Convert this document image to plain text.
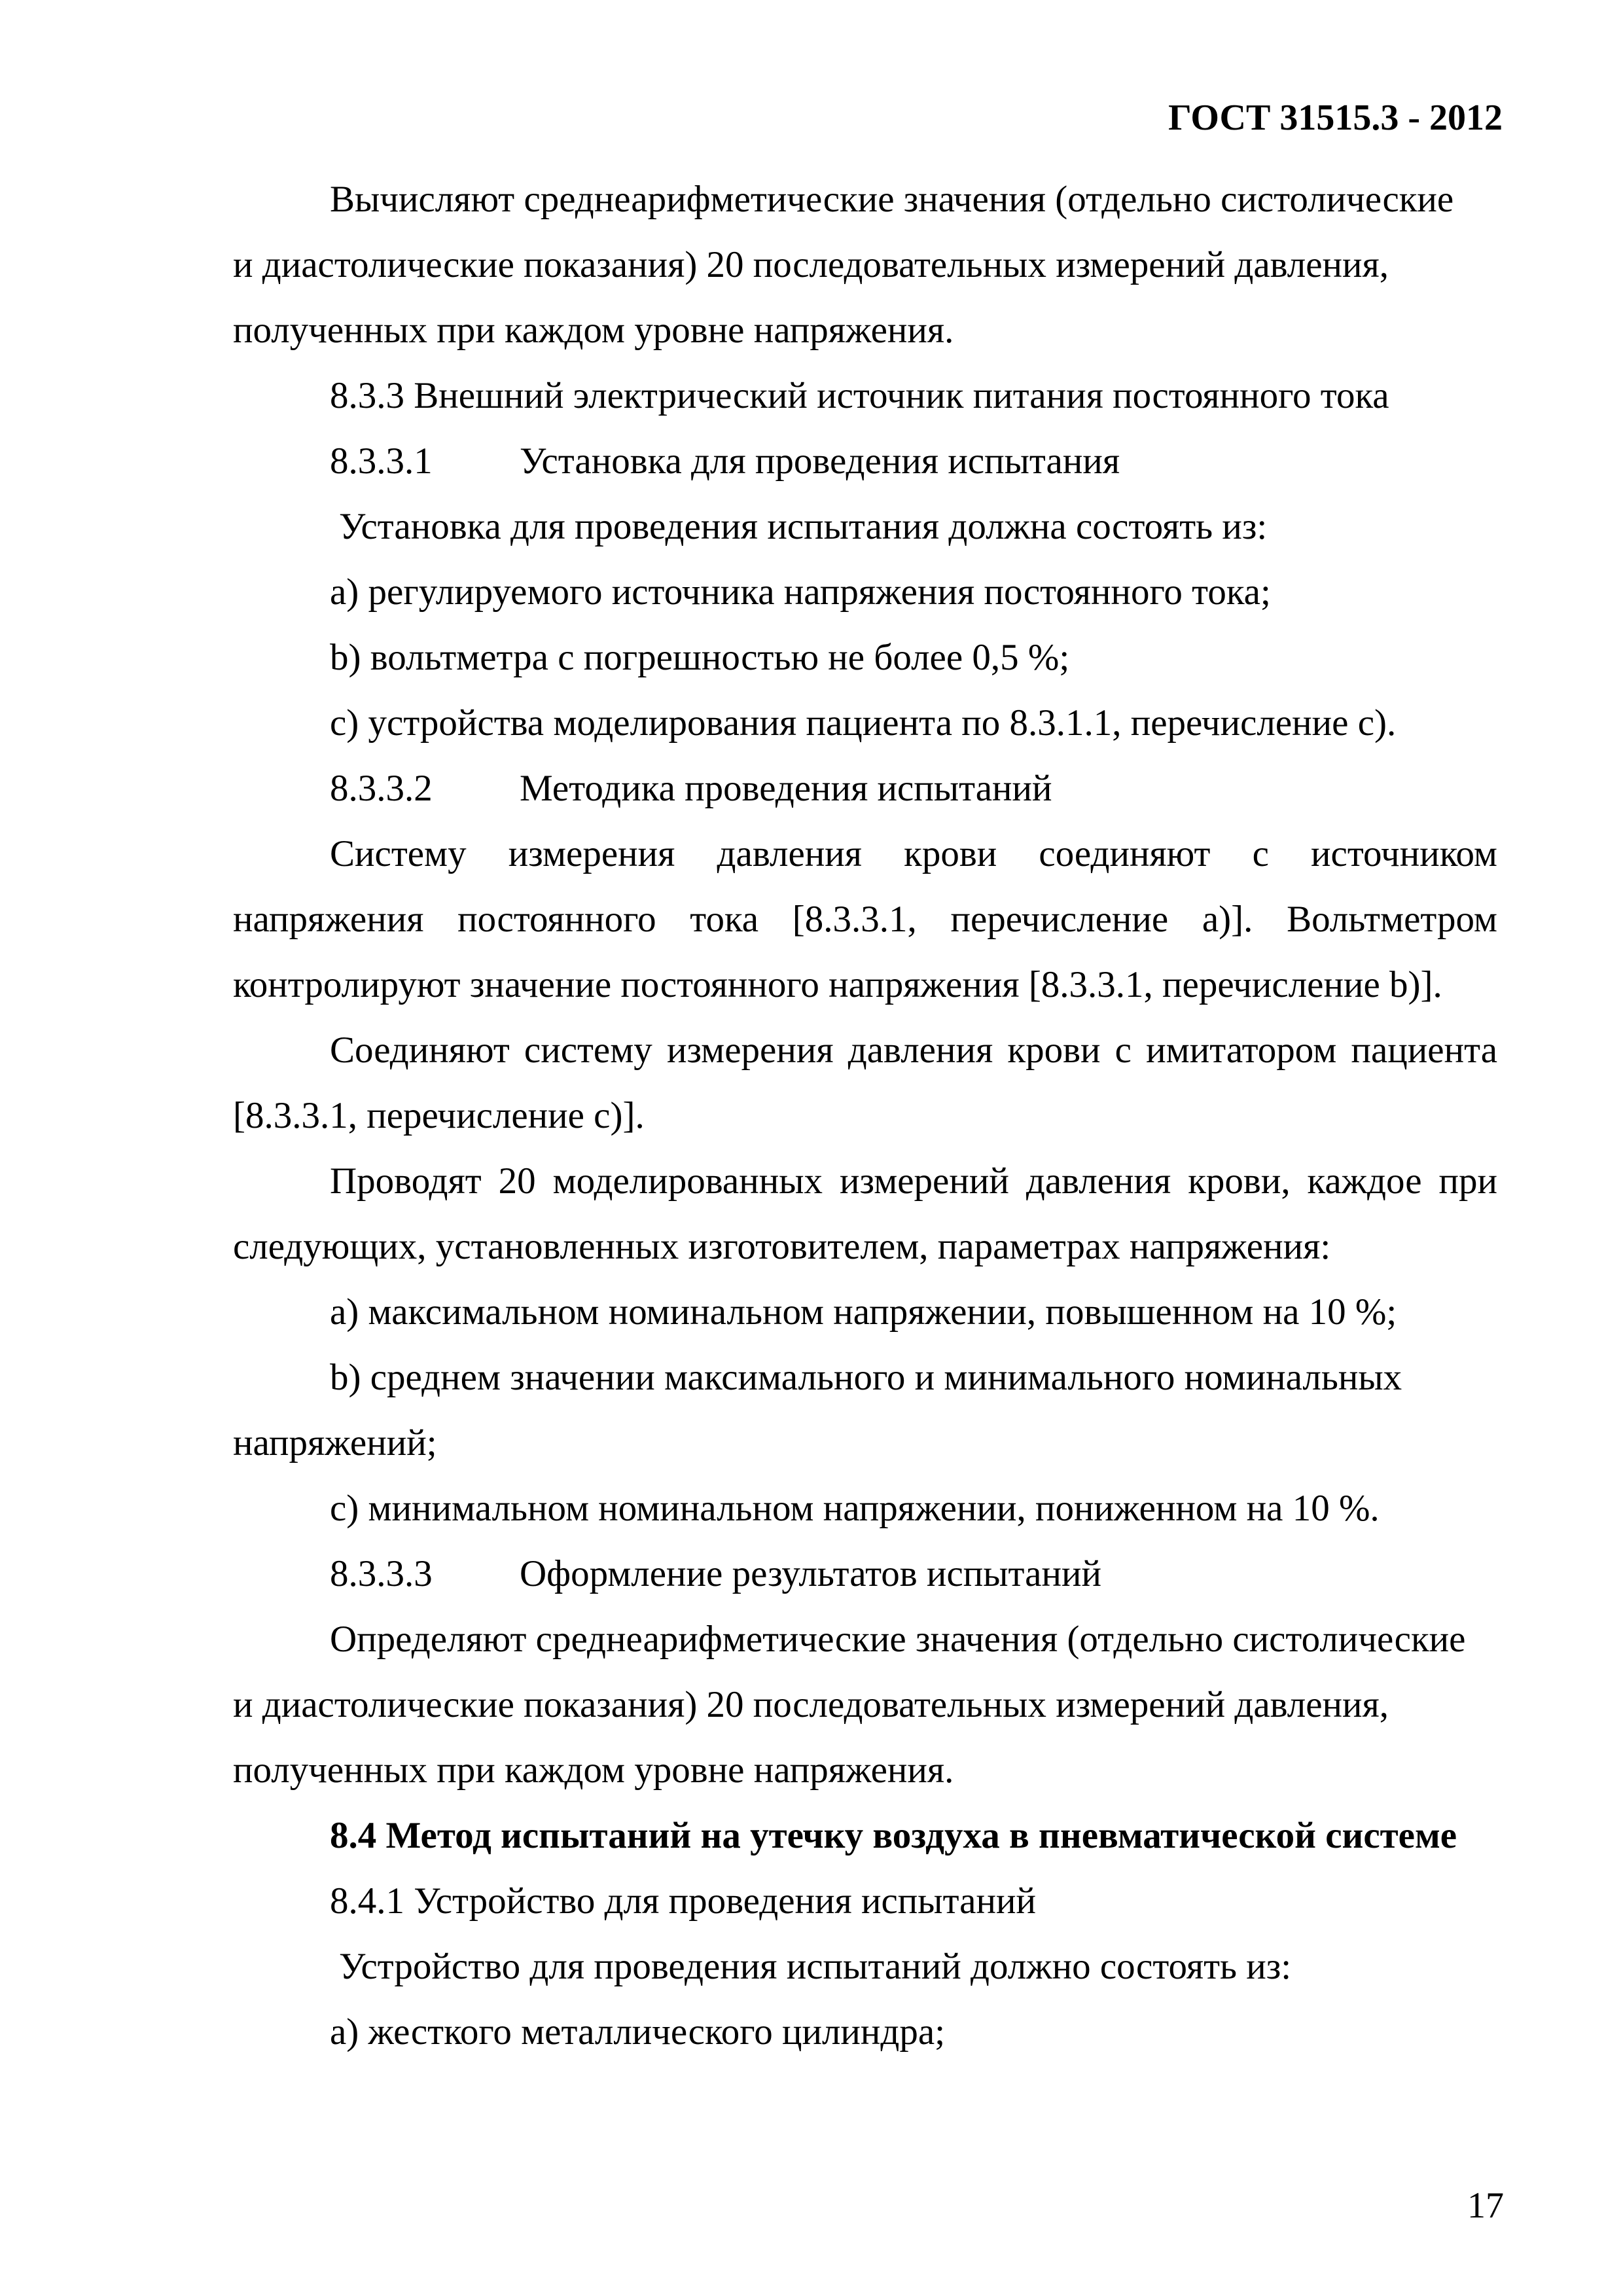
ГОСТ 31515.3 - 2012

Вычисляют среднеарифметические значения (отдельно систолические

и диастолические показания) 20 последовательных измерений давления,

полученных при каждом уровне напряжения.

8.3.3 Внешний электрический источник питания постоянного тока

8.3.3.1 Установка для проведения испытания

Установка для проведения испытания должна состоять из:

а) регулируемого источника напряжения постоянного тока;

b) вольтметра с погрешностью не более 0,5 %;

с) устройства моделирования пациента по 8.3.1.1, перечисление с).

8.3.3.2 Методика проведения испытаний

Систему измерения давления крови соединяют с источником

напряжения постоянного тока [8.3.3.1, перечисление а)]. Вольтметром

контролируют значение постоянного напряжения [8.3.3.1, перечисление b)].

Соединяют систему измерения давления крови с имитатором пациента

[8.3.3.1, перечисление с)].

Проводят 20 моделированных измерений давления крови, каждое при

следующих, установленных изготовителем, параметрах напряжения:

а) максимальном номинальном напряжении, повышенном на 10 %;

b) среднем значении максимального и минимального номинальных

напряжений;

с) минимальном номинальном напряжении, пониженном на 10 %.

8.3.3.3 Оформление результатов испытаний

Определяют среднеарифметические значения (отдельно систолические

и диастолические показания) 20 последовательных измерений давления,

полученных при каждом уровне напряжения.

8.4 Метод испытаний на утечку воздуха в пневматической системе

8.4.1 Устройство для проведения испытаний

Устройство для проведения испытаний должно состоять из:

а) жесткого металлического цилиндра;

17
